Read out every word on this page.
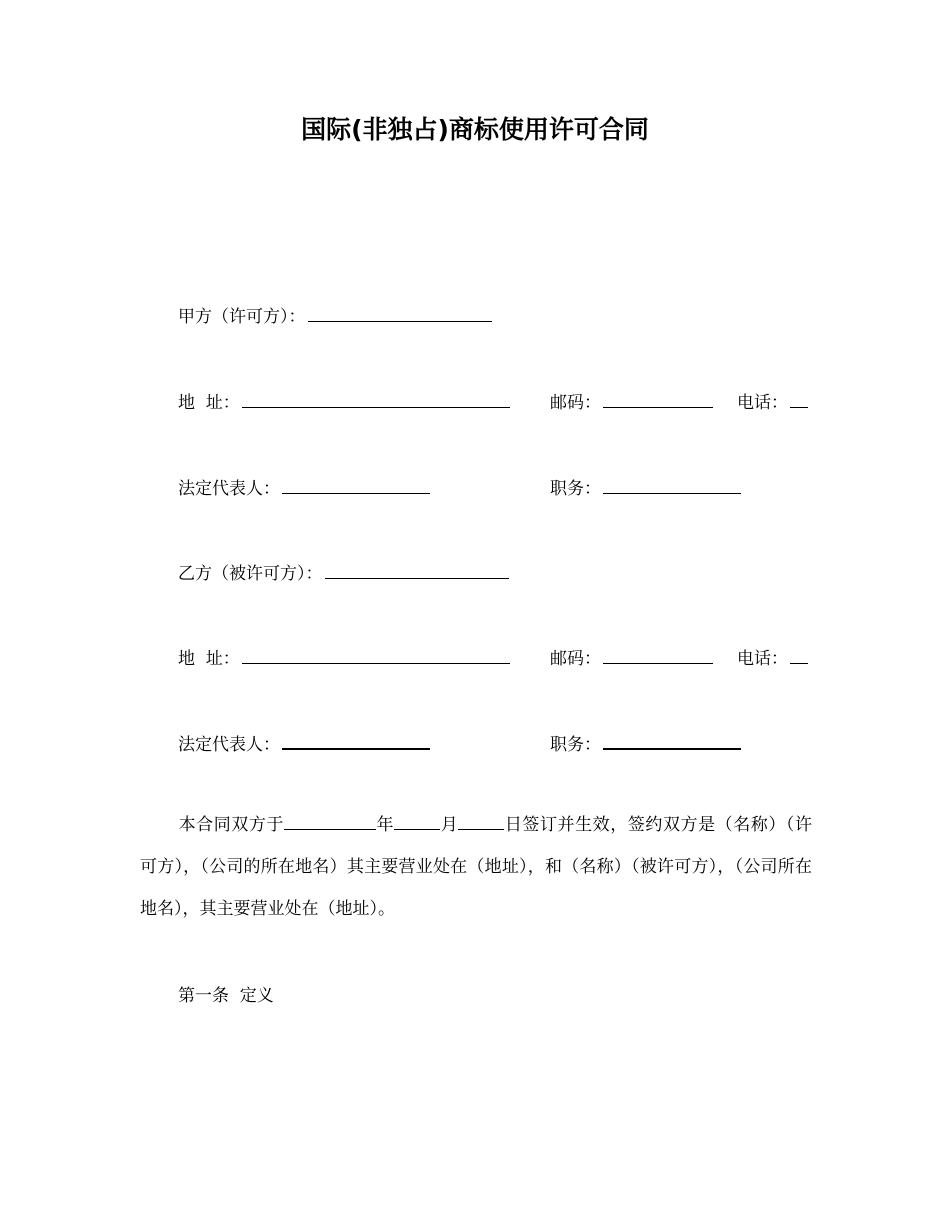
国际(非独占)商标使用许可合同
甲方（许可方）：
地  址：	邮码：	电话：
法定代表人：	职务：
乙方（被许可方）：
地  址：	邮码：	电话：
法定代表人：	职务：
本合同双方于	年	月	日签订并生效，签约双方是（名称）（许可方），（公司的所在地名）其主要营业处在（地址），和（名称）（被许可方），（公司所在地名），其主要营业处在（地址）。
第一条  定义
